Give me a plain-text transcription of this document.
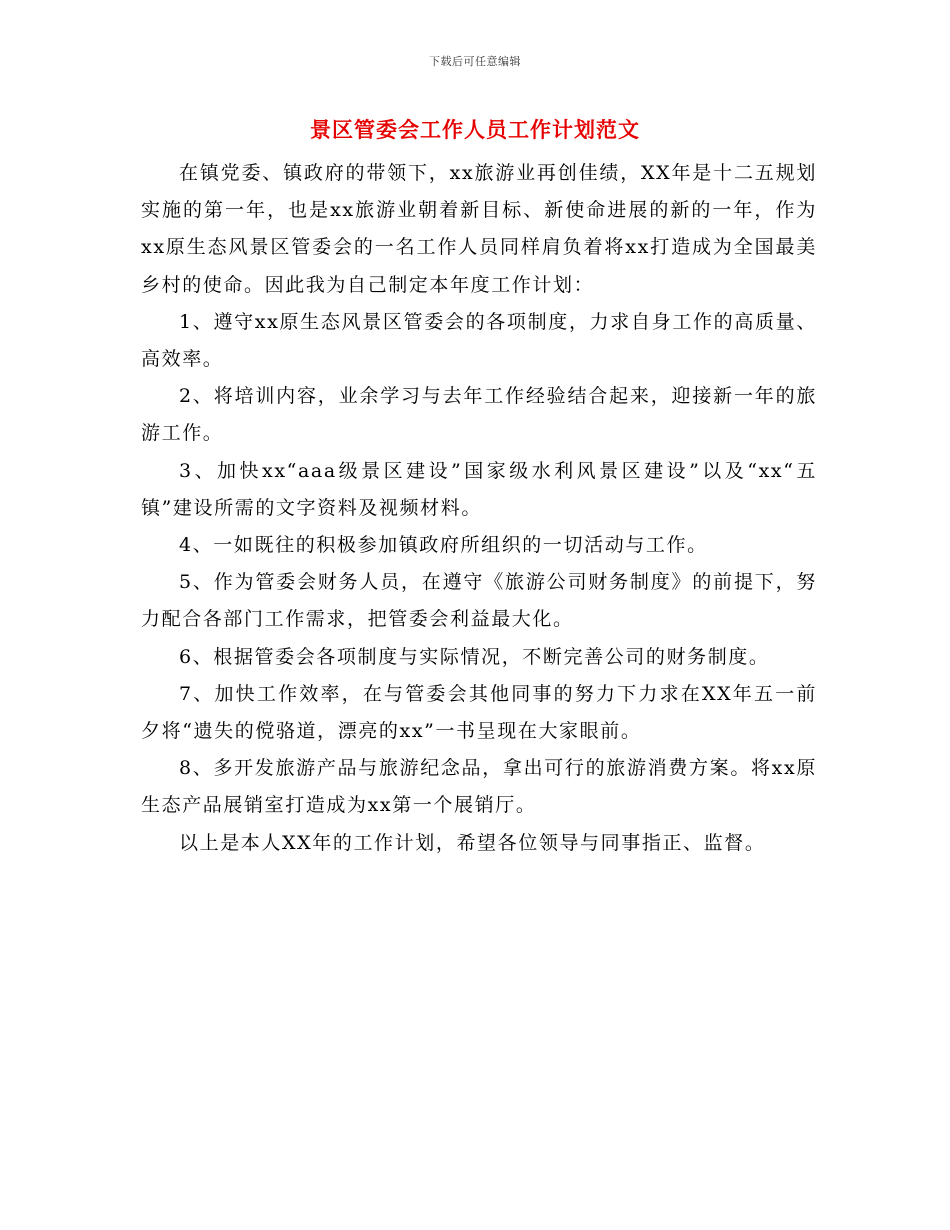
下载后可任意编辑
景区管委会工作人员工作计划范文

在镇党委、镇政府的带领下，xx旅游业再创佳绩，XX年是十二五规划实施的第一年，也是xx旅游业朝着新目标、新使命进展的新的一年，作为xx原生态风景区管委会的一名工作人员同样肩负着将xx打造成为全国最美乡村的使命。因此我为自己制定本年度工作计划：

1、遵守xx原生态风景区管委会的各项制度，力求自身工作的高质量、高效率。

2、将培训内容，业余学习与去年工作经验结合起来，迎接新一年的旅游工作。

3、加快xx“aaa级景区建设”国家级水利风景区建设”以及“xx“五镇”建设所需的文字资料及视频材料。

4、一如既往的积极参加镇政府所组织的一切活动与工作。

5、作为管委会财务人员，在遵守《旅游公司财务制度》的前提下，努力配合各部门工作需求，把管委会利益最大化。

6、根据管委会各项制度与实际情况，不断完善公司的财务制度。

7、加快工作效率，在与管委会其他同事的努力下力求在XX年五一前夕将“遗失的傥骆道，漂亮的xx”一书呈现在大家眼前。

8、多开发旅游产品与旅游纪念品，拿出可行的旅游消费方案。将xx原生态产品展销室打造成为xx第一个展销厅。

以上是本人XX年的工作计划，希望各位领导与同事指正、监督。
